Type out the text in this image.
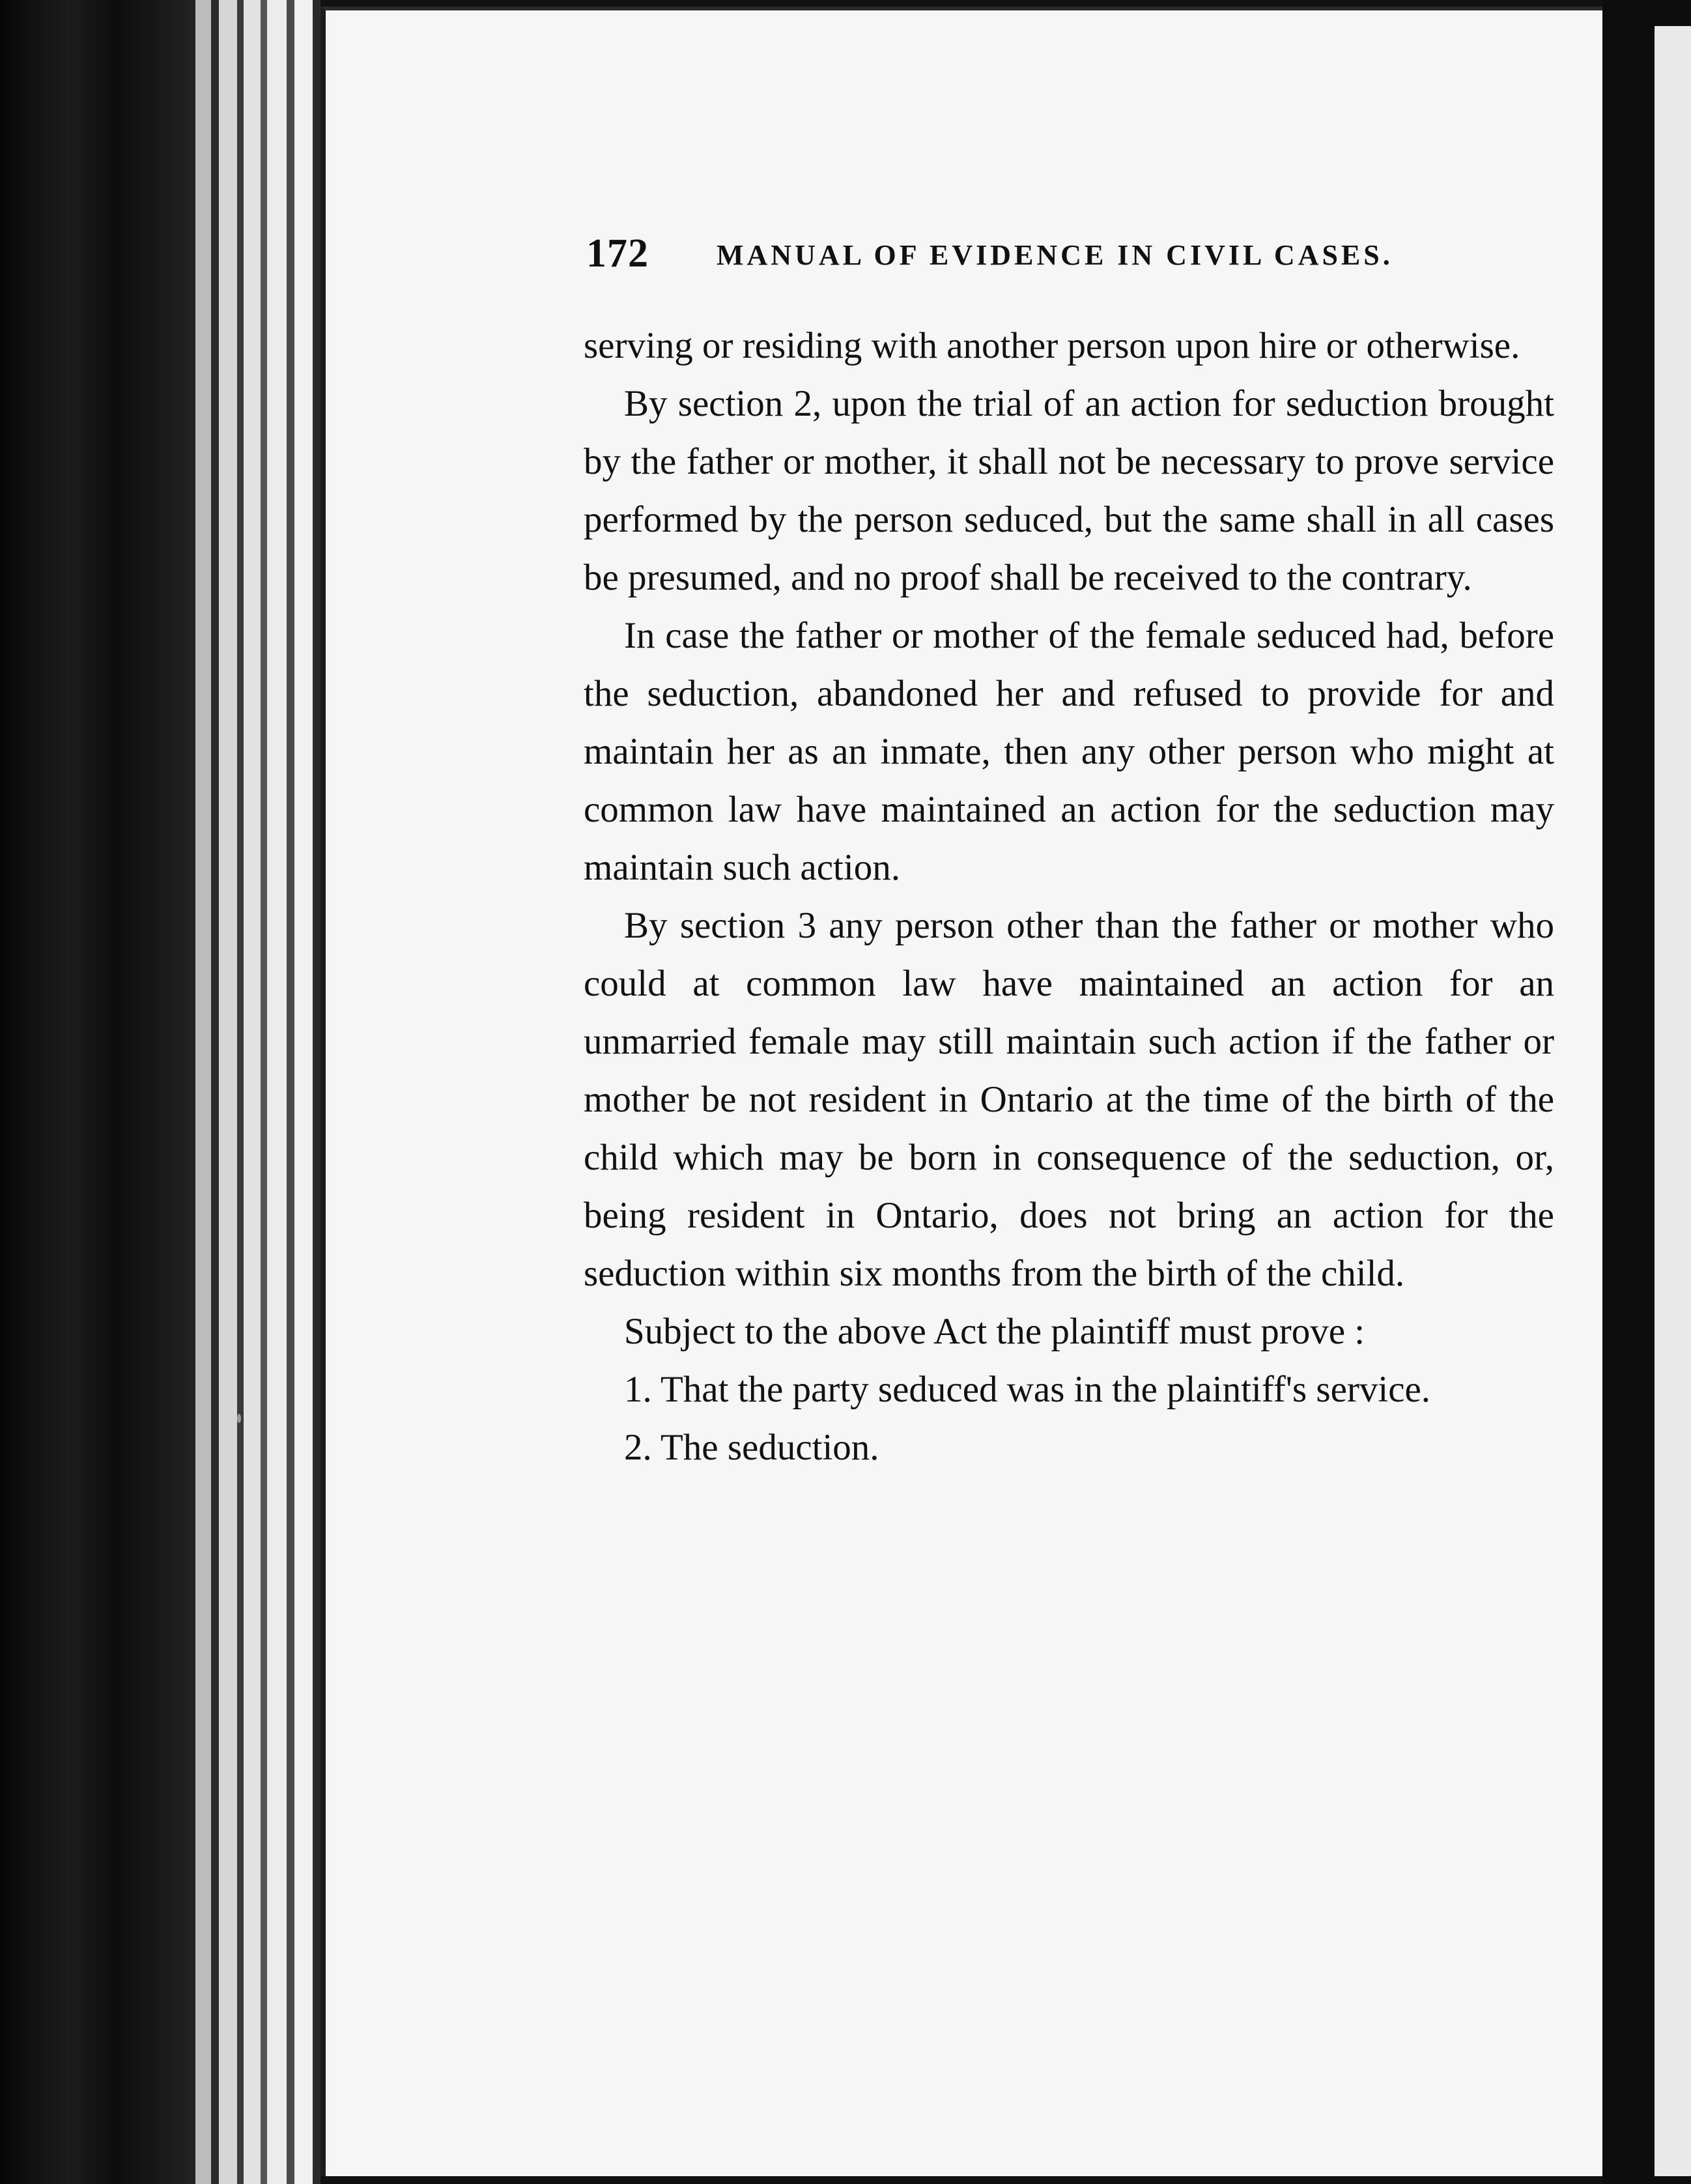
172 MANUAL OF EVIDENCE IN CIVIL CASES.

serving or residing with another person upon hire or otherwise.

By section 2, upon the trial of an action for seduction brought by the father or mother, it shall not be necessary to prove service performed by the person seduced, but the same shall in all cases be presumed, and no proof shall be received to the contrary.

In case the father or mother of the female seduced had, before the seduction, abandoned her and refused to provide for and maintain her as an inmate, then any other person who might at common law have maintained an action for the seduction may maintain such action.

By section 3 any person other than the father or mother who could at common law have maintained an action for an unmarried female may still maintain such action if the father or mother be not resident in Ontario at the time of the birth of the child which may be born in consequence of the seduction, or, being resident in Ontario, does not bring an action for the seduction within six months from the birth of the child.

Subject to the above Act the plaintiff must prove :

1. That the party seduced was in the plaintiff's service.

2. The seduction.
